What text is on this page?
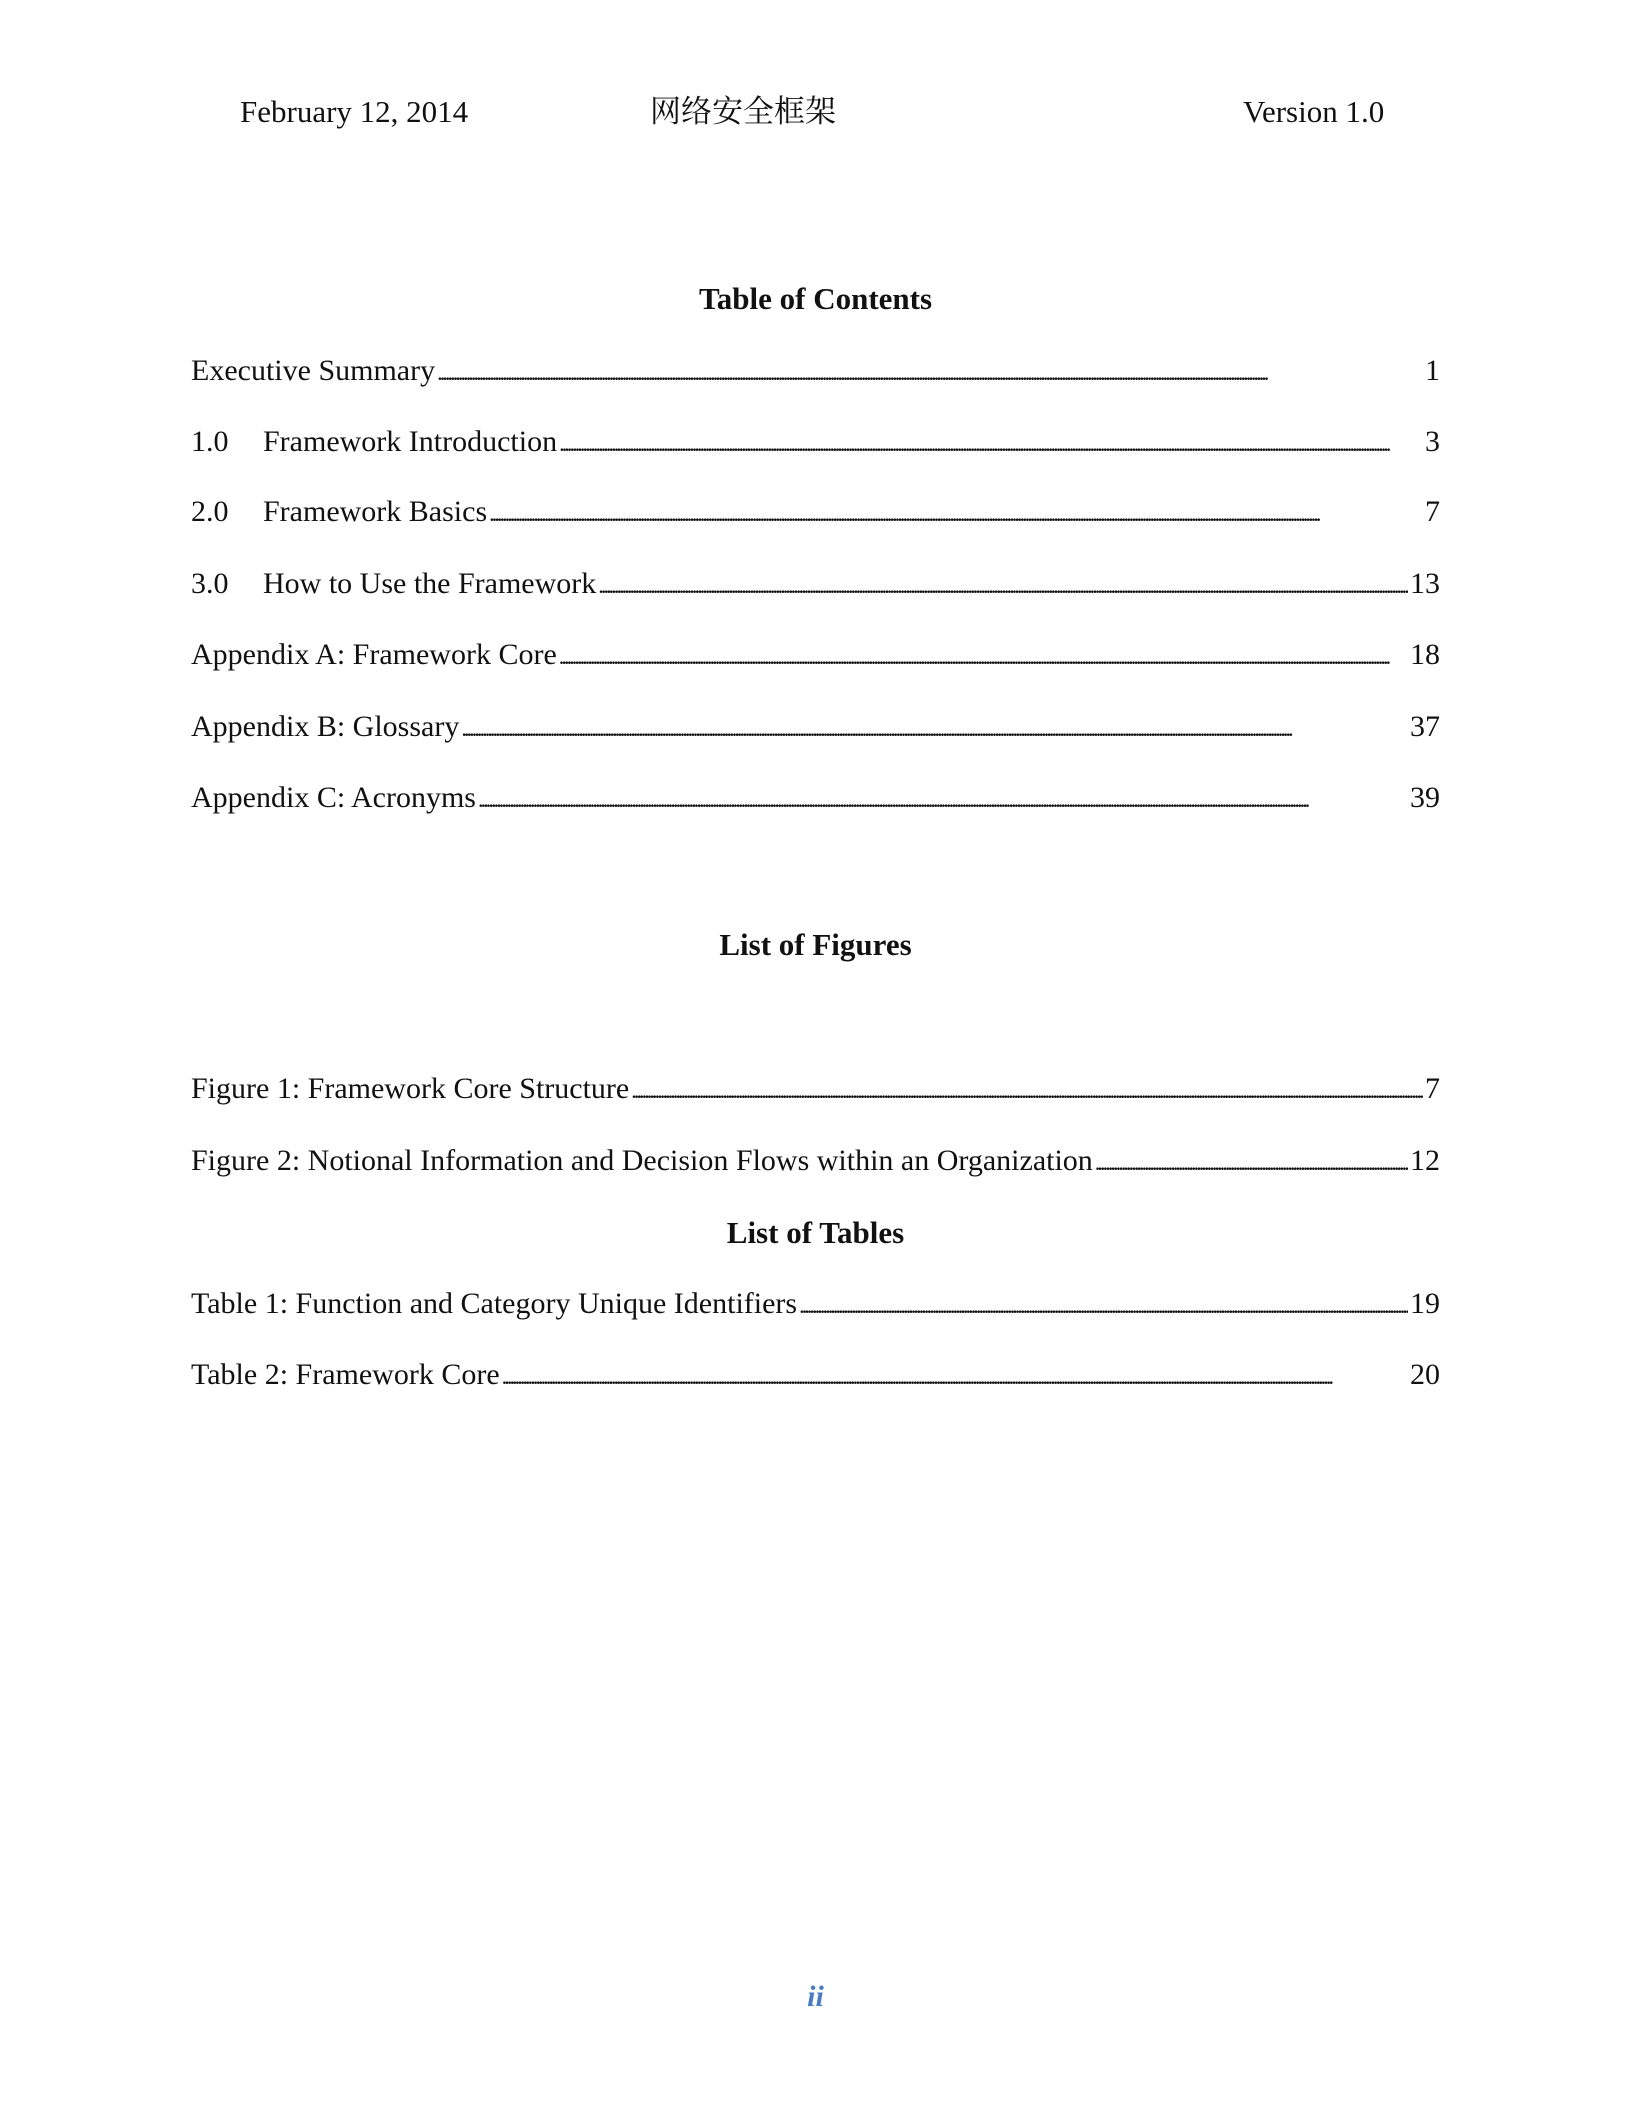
February 12, 2014	网络安全框架	Version 1.0
Table of Contents
Executive Summary . . .	1
1.0	Framework Introduction . . .	3
2.0	Framework Basics . . .	7
3.0	How to Use the Framework . . .	13
Appendix A: Framework Core . . .	18
Appendix B: Glossary . . .	37
Appendix C: Acronyms . . .	39
List of Figures
Figure 1: Framework Core Structure . . .	7
Figure 2: Notional Information and Decision Flows within an Organization . . .	12
List of Tables
Table 1: Function and Category Unique Identifiers . . .	19
Table 2: Framework Core . . .	20
ii
